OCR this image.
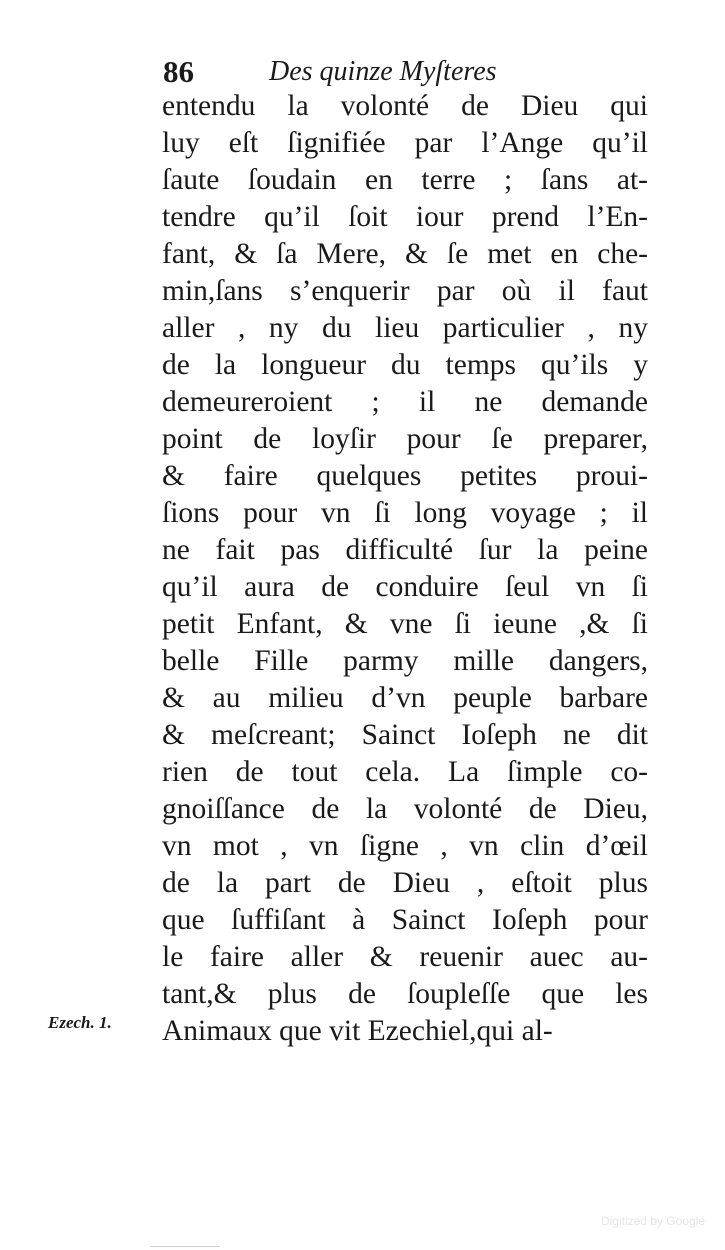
86	Des quinze Myſteres
entendu la volonté de Dieu qui
luy eſt ſignifiée par l’Ange qu’il
ſaute ſoudain en terre ; ſans at-
tendre qu’il ſoit iour prend l’En-
fant, & ſa Mere, & ſe met en che-
min,ſans s’enquerir par où il faut
aller , ny du lieu particulier , ny
de la longueur du temps qu’ils y
demeureroient ; il ne demande
point de loyſir pour ſe preparer,
& faire quelques petites proui-
ſions pour vn ſi long voyage ; il
ne fait pas difficulté ſur la peine
qu’il aura de conduire ſeul vn ſi
petit Enfant, & vne ſi ieune ,& ſi
belle Fille parmy mille dangers,
& au milieu d’vn peuple barbare
& meſcreant; Sainct Ioſeph ne dit
rien de tout cela. La ſimple co-
gnoiſſance de la volonté de Dieu,
vn mot , vn ſigne , vn clin d’œil
de la part de Dieu , eſtoit plus
que ſuffiſant à Sainct Ioſeph pour
le faire aller & reuenir auec au-
tant,& plus de ſoupleſſe que les
Animaux que vit Ezechiel,qui al-
Ezech. 1.
Digitized by Google
